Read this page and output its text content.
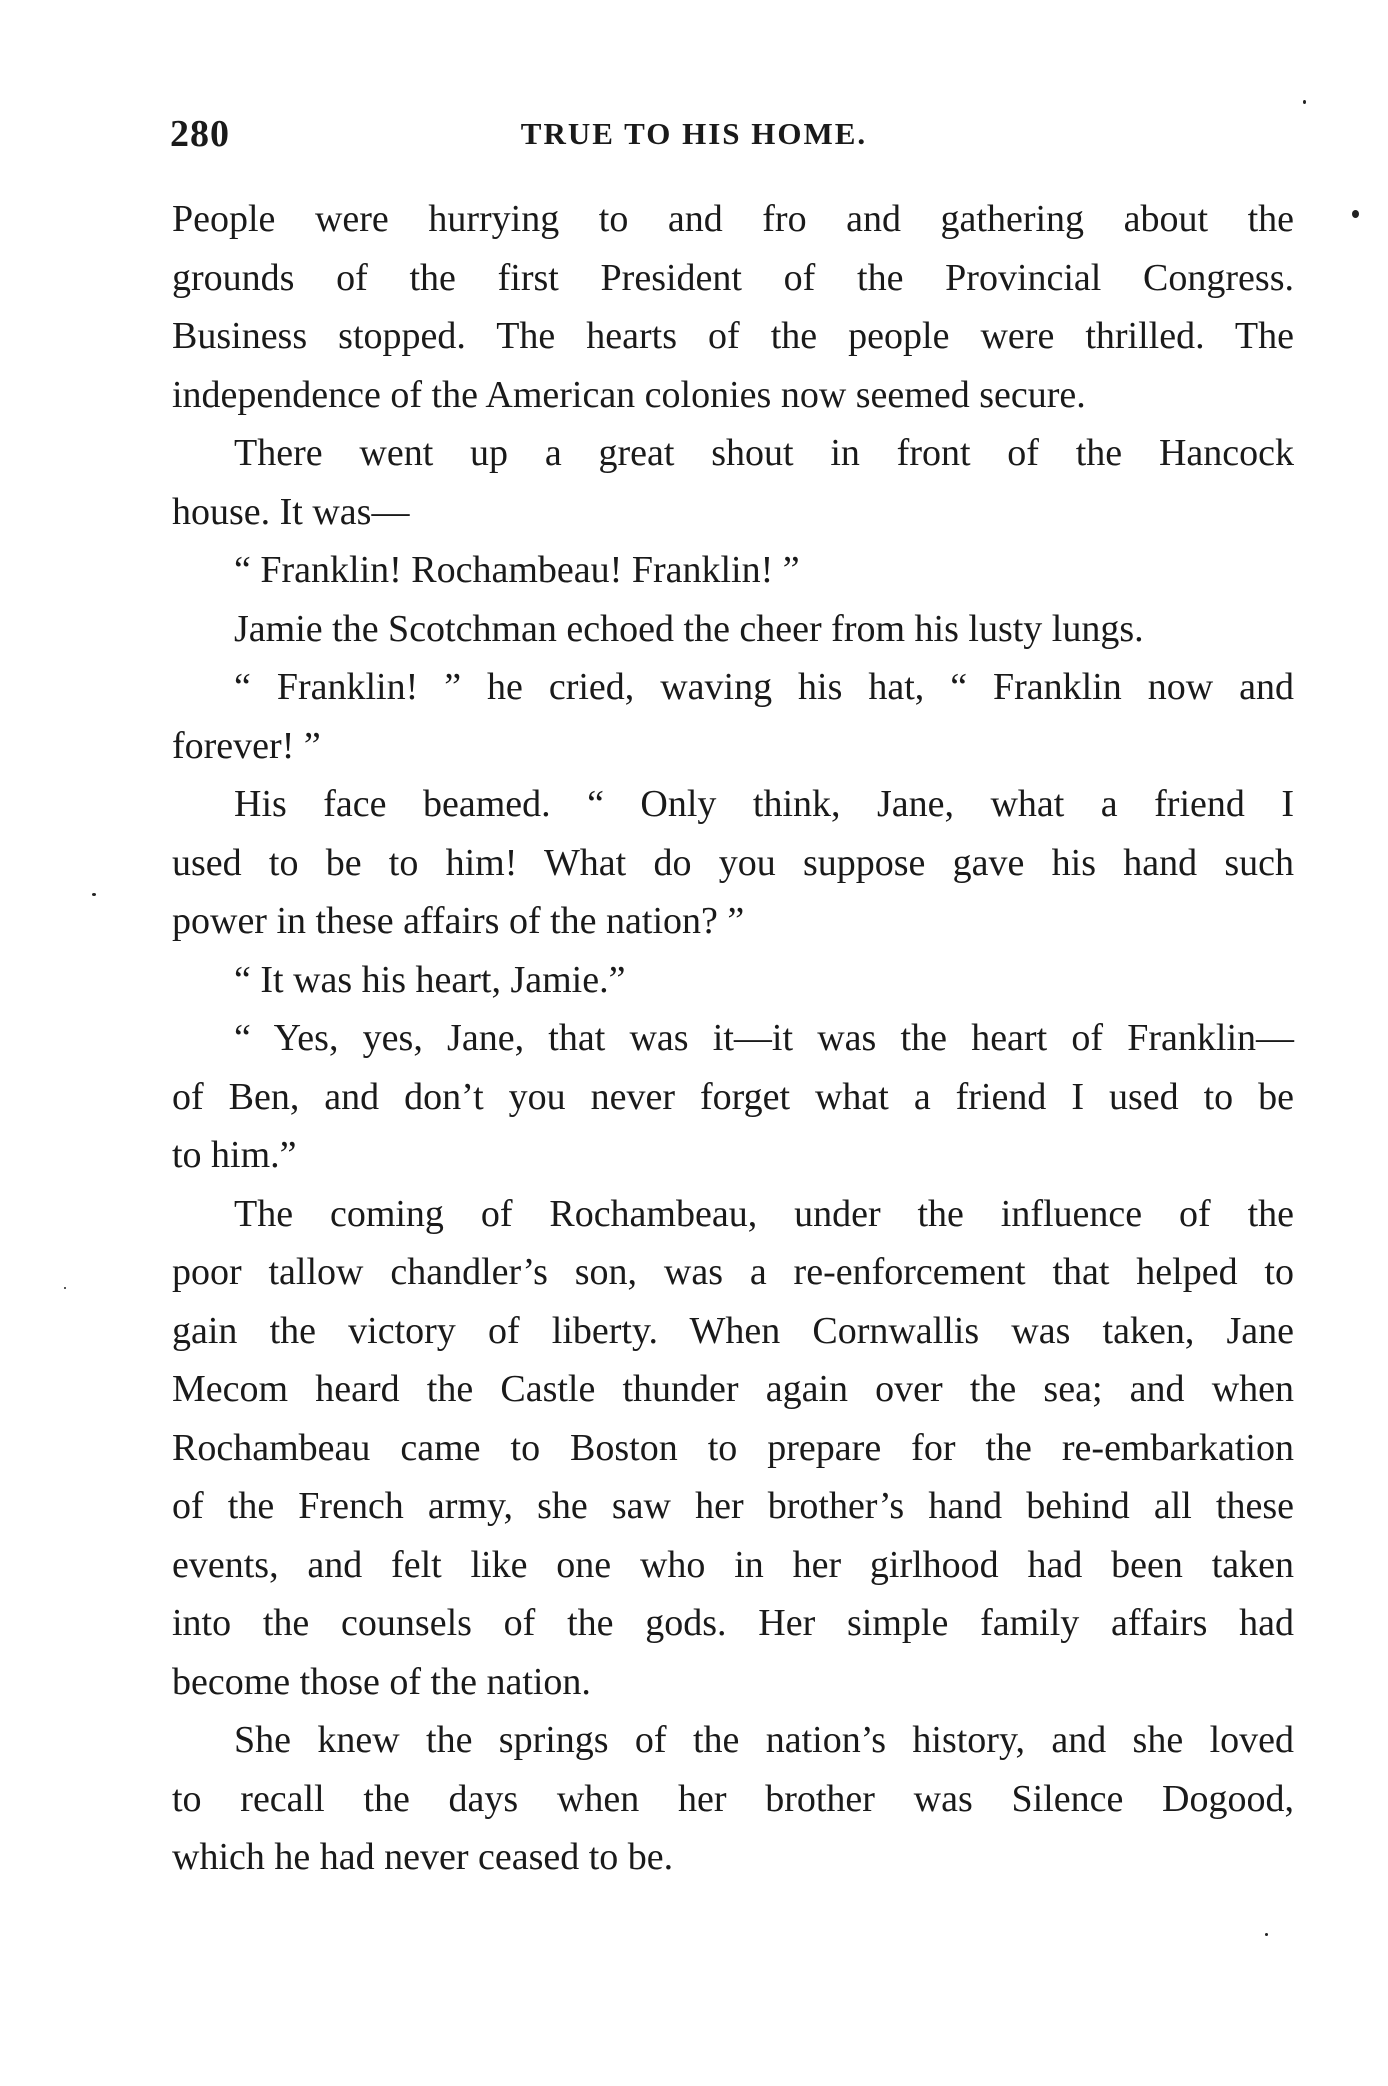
280	TRUE TO HIS HOME.
People were hurrying to and fro and gathering about the
grounds of the first President of the Provincial Congress.
Business stopped. The hearts of the people were thrilled. The
independence of the American colonies now seemed secure.
There went up a great shout in front of the Hancock
house. It was—
“ Franklin! Rochambeau! Franklin! ”
Jamie the Scotchman echoed the cheer from his lusty lungs.
“ Franklin! ” he cried, waving his hat, “ Franklin now and
forever! ”
His face beamed. “ Only think, Jane, what a friend I
used to be to him! What do you suppose gave his hand such
power in these affairs of the nation? ”
“ It was his heart, Jamie.”
“ Yes, yes, Jane, that was it—it was the heart of Franklin—
of Ben, and don’t you never forget what a friend I used to be
to him.”
The coming of Rochambeau, under the influence of the
poor tallow chandler’s son, was a re-enforcement that helped to
gain the victory of liberty. When Cornwallis was taken, Jane
Mecom heard the Castle thunder again over the sea; and when
Rochambeau came to Boston to prepare for the re-embarkation
of the French army, she saw her brother’s hand behind all these
events, and felt like one who in her girlhood had been taken
into the counsels of the gods. Her simple family affairs had
become those of the nation.
She knew the springs of the nation’s history, and she loved
to recall the days when her brother was Silence Dogood,
which he had never ceased to be.
